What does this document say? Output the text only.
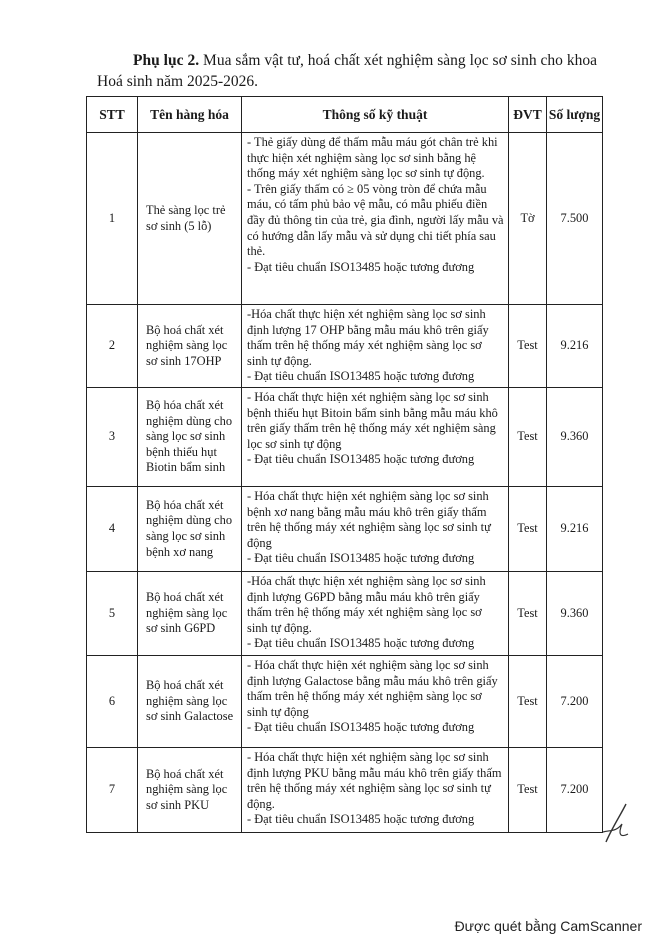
Phụ lục 2. Mua sắm vật tư, hoá chất xét nghiệm sàng lọc sơ sinh cho khoa Hoá sinh năm 2025-2026.
STT	Tên hàng hóa	Thông số kỹ thuật	ĐVT	Số lượng
1	Thẻ sàng lọc trẻ sơ sinh (5 lỗ)	- Thẻ giấy dùng để thấm mẫu máu gót chân trẻ khi thực hiện xét nghiệm sàng lọc sơ sinh bằng hệ thống máy xét nghiệm sàng lọc sơ sinh tự động.
- Trên giấy thấm có ≥ 05 vòng tròn để chứa mẫu máu, có tấm phủ bảo vệ mẫu, có mẫu phiếu điền đầy đủ thông tin của trẻ, gia đình, người lấy mẫu và có hướng dẫn lấy mẫu và sử dụng chi tiết phía sau thẻ.
- Đạt tiêu chuẩn ISO13485 hoặc tương đương	Tờ	7.500
2	Bộ hoá chất xét nghiệm sàng lọc sơ sinh 17OHP	-Hóa chất thực hiện xét nghiệm sàng lọc sơ sinh định lượng 17 OHP bằng mẫu máu khô trên giấy thấm trên hệ thống máy xét nghiệm sàng lọc sơ sinh tự động.
- Đạt tiêu chuẩn ISO13485 hoặc tương đương	Test	9.216
3	Bộ hóa chất xét nghiệm dùng cho sàng lọc sơ sinh bệnh thiếu hụt Biotin bẩm sinh	- Hóa chất thực hiện xét nghiệm sàng lọc sơ sinh bệnh thiếu hụt Bitoin bẩm sinh bằng mẫu máu khô trên giấy thấm trên hệ thống máy xét nghiệm sàng lọc sơ sinh tự động
- Đạt tiêu chuẩn ISO13485 hoặc tương đương	Test	9.360
4	Bộ hóa chất xét nghiệm dùng cho sàng lọc sơ sinh bệnh xơ nang	- Hóa chất thực hiện xét nghiệm sàng lọc sơ sinh bệnh xơ nang bằng mẫu máu khô trên giấy thấm trên hệ thống máy xét nghiệm sàng lọc sơ sinh tự động
- Đạt tiêu chuẩn ISO13485 hoặc tương đương	Test	9.216
5	Bộ hoá chất xét nghiệm sàng lọc sơ sinh G6PD	-Hóa chất thực hiện xét nghiệm sàng lọc sơ sinh định lượng G6PD bằng mẫu máu khô trên giấy thấm trên hệ thống máy xét nghiệm sàng lọc sơ sinh tự động.
- Đạt tiêu chuẩn ISO13485 hoặc tương đương	Test	9.360
6	Bộ hoá chất xét nghiệm sàng lọc sơ sinh Galactose	- Hóa chất thực hiện xét nghiệm sàng lọc sơ sinh định lượng Galactose bằng mẫu máu khô trên giấy thấm trên hệ thống máy xét nghiệm sàng lọc sơ sinh tự động
- Đạt tiêu chuẩn ISO13485 hoặc tương đương	Test	7.200
7	Bộ hoá chất xét nghiệm sàng lọc sơ sinh PKU	- Hóa chất thực hiện xét nghiệm sàng lọc sơ sinh định lượng PKU bằng mẫu máu khô trên giấy thấm trên hệ thống máy xét nghiệm sàng lọc sơ sinh tự động.
- Đạt tiêu chuẩn ISO13485 hoặc tương đương	Test	7.200
Được quét bằng CamScanner
